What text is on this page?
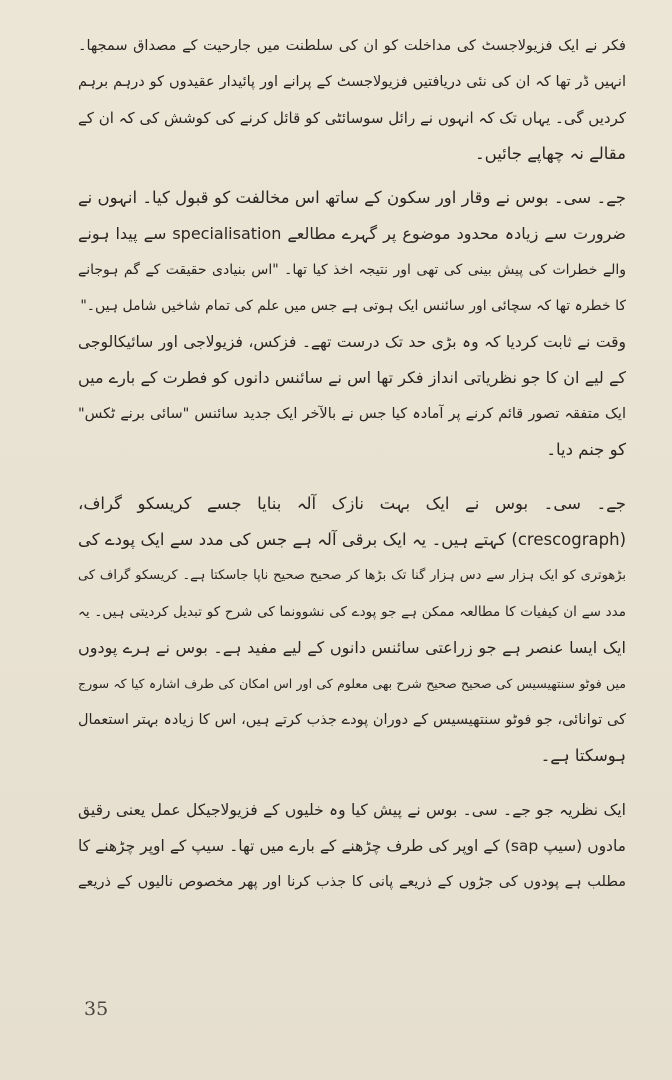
فکر نے ایک فزیولاجسٹ کی مداخلت کو ان کی سلطنت میں جارحیت کے مصداق سمجھا۔
انہیں ڈر تھا کہ ان کی نئی دریافتیں فزیولاجسٹ کے پرانے اور پائیدار عقیدوں کو درہم برہم
کردیں گی۔ یہاں تک کہ انہوں نے رائل سوسائٹی کو قائل کرنے کی کوشش کی کہ ان کے
مقالے نہ چھاپے جائیں۔
جے۔ سی۔ بوس نے وقار اور سکون کے ساتھ اس مخالفت کو قبول کیا۔ انہوں نے
ضرورت سے زیادہ محدود موضوع پر گہرے مطالعے specialisation سے پیدا ہونے
والے خطرات کی پیش بینی کی تھی اور نتیجہ اخذ کیا تھا۔ "اس بنیادی حقیقت کے گم ہوجانے
کا خطرہ تھا کہ سچائی اور سائنس ایک ہوتی ہے جس میں علم کی تمام شاخیں شامل ہیں۔"
وقت نے ثابت کردیا کہ وہ بڑی حد تک درست تھے۔ فزکس، فزیولاجی اور سائیکالوجی
کے لیے ان کا جو نظریاتی انداز فکر تھا اس نے سائنس دانوں کو فطرت کے بارے میں
ایک متفقہ تصور قائم کرنے پر آمادہ کیا جس نے بالآخر ایک جدید سائنس "سائی برنے ٹکس"
کو جنم دیا۔
جے۔ سی۔ بوس نے ایک بہت نازک آلہ بنایا جسے کریسکو گراف،
(crescograph) کہتے ہیں۔ یہ ایک برقی آلہ ہے جس کی مدد سے ایک پودے کی
بڑھوتری کو ایک ہزار سے دس ہزار گنا تک بڑھا کر صحیح صحیح ناپا جاسکتا ہے۔ کریسکو گراف کی
مدد سے ان کیفیات کا مطالعہ ممکن ہے جو پودے کی نشوونما کی شرح کو تبدیل کردیتی ہیں۔ یہ
ایک ایسا عنصر ہے جو زراعتی سائنس دانوں کے لیے مفید ہے۔ بوس نے ہرے پودوں
میں فوٹو سنتھیسیس کی صحیح صحیح شرح بھی معلوم کی اور اس امکان کی طرف اشارہ کیا کہ سورج
کی توانائی، جو فوٹو سنتھیسیس کے دوران پودے جذب کرتے ہیں، اس کا زیادہ بہتر استعمال
ہوسکتا ہے۔
ایک نظریہ جو جے۔ سی۔ بوس نے پیش کیا وہ خلیوں کے فزیولاجیکل عمل یعنی رقیق
مادوں (سیپ sap) کے اوپر کی طرف چڑھنے کے بارے میں تھا۔ سیپ کے اوپر چڑھنے کا
مطلب ہے پودوں کی جڑوں کے ذریعے پانی کا جذب کرنا اور پھر مخصوص نالیوں کے ذریعے
35
